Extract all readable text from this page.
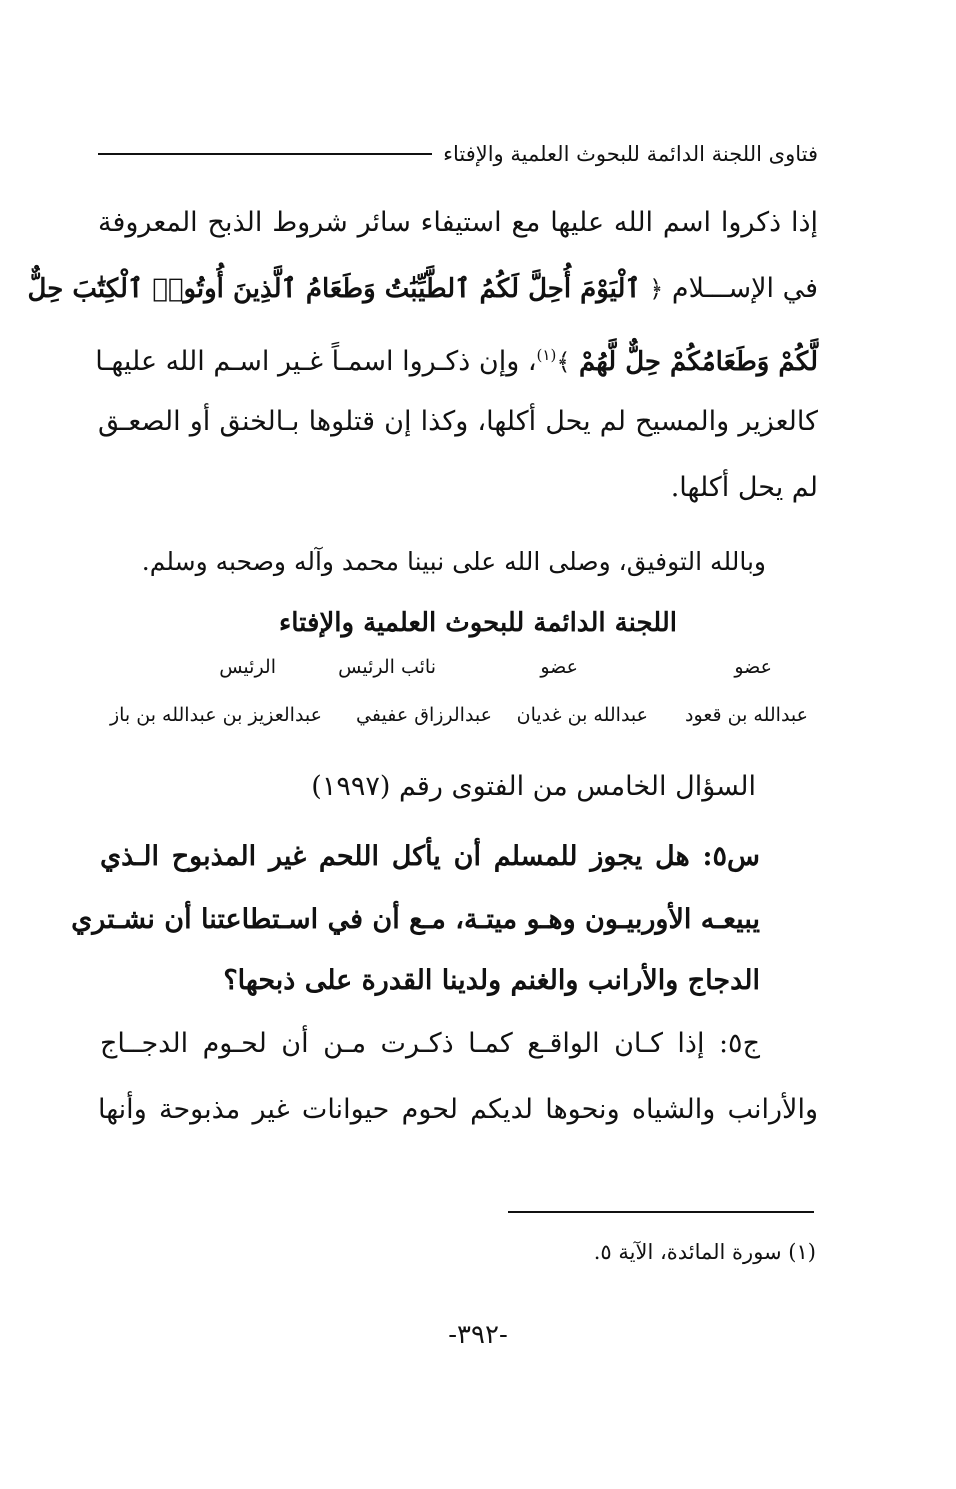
فتاوى اللجنة الدائمة للبحوث العلمية والإفتاء
إذا ذكروا اسم الله عليها مع استيفاء سائر شروط الذبح المعروفة
في الإســـلام ﴿ ٱلْيَوْمَ أُحِلَّ لَكُمُ ٱلطَّيِّبَٰتُ وَطَعَامُ ٱلَّذِينَ أُوتُوا۟ ٱلْكِتَٰبَ حِلٌّ
لَّكُمْ وَطَعَامُكُمْ حِلٌّ لَّهُمْ ﴾$^{(١)}$، وإن ذكـروا اسمـاً غـير اسـم الله عليهـا
كالعزير والمسيح لم يحل أكلها، وكذا إن قتلوها بـالخنق أو الصعـق
لم يحل أكلها.
وبالله التوفيق، وصلى الله على نبينا محمد وآله وصحبه وسلم.
اللجنة الدائمة للبحوث العلمية والإفتاء
عضو
عضو
نائب الرئيس
الرئيس
عبدالله بن قعود
عبدالله بن غديان
عبدالرزاق عفيفي
عبدالعزيز بن عبدالله بن باز
السؤال الخامس من الفتوى رقم (١٩٩٧)
س٥: هل يجوز للمسلم أن يأكل اللحم غير المذبوح الـذي
يبيعـه الأوربيـون وهـو ميتـة، مـع أن في اسـتطاعتنا أن نشـتري
الدجاج والأرانب والغنم ولدينا القدرة على ذبحها؟
ج٥: إذا كـان الواقـع كمـا ذكـرت مـن أن لحـوم الدجــاج
والأرانب والشياه ونحوها لديكم لحوم حيوانات غير مذبوحة وأنها
(١) سورة المائدة، الآية ٥.
-٣٩٢-
